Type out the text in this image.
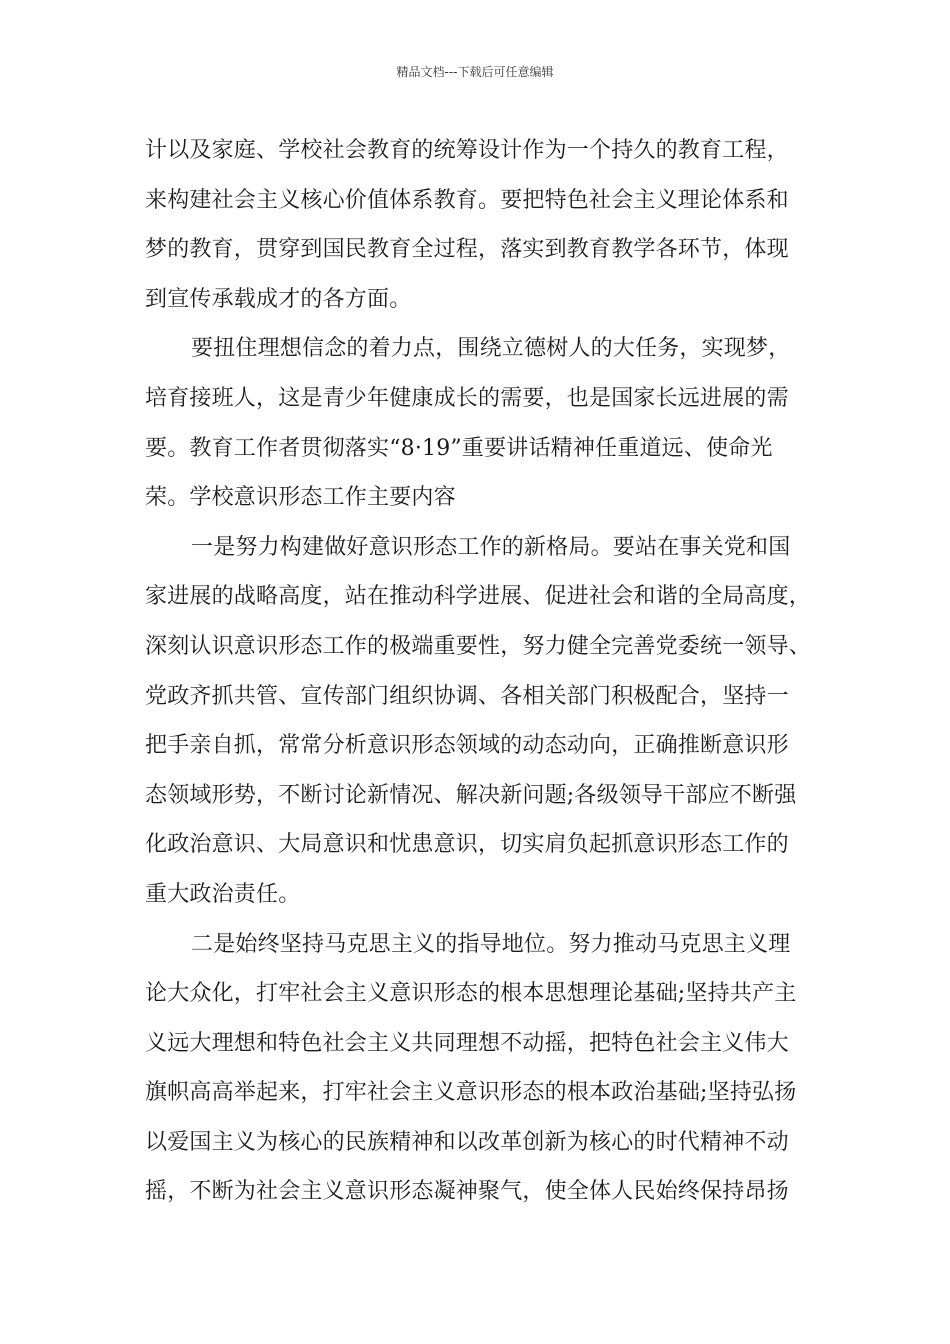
精品文档---下载后可任意编辑
计以及家庭、学校社会教育的统筹设计作为一个持久的教育工程，
来构建社会主义核心价值体系教育。要把特色社会主义理论体系和
梦的教育，贯穿到国民教育全过程，落实到教育教学各环节，体现
到宣传承载成才的各方面。
要扭住理想信念的着力点，围绕立德树人的大任务，实现梦，
培育接班人，这是青少年健康成长的需要，也是国家长远进展的需
要。教育工作者贯彻落实“8·19”重要讲话精神任重道远、使命光
荣。学校意识形态工作主要内容
一是努力构建做好意识形态工作的新格局。要站在事关党和国
家进展的战略高度，站在推动科学进展、促进社会和谐的全局高度，
深刻认识意识形态工作的极端重要性，努力健全完善党委统一领导、
党政齐抓共管、宣传部门组织协调、各相关部门积极配合，坚持一
把手亲自抓，常常分析意识形态领域的动态动向，正确推断意识形
态领域形势，不断讨论新情况、解决新问题;各级领导干部应不断强
化政治意识、大局意识和忧患意识，切实肩负起抓意识形态工作的
重大政治责任。
二是始终坚持马克思主义的指导地位。努力推动马克思主义理
论大众化，打牢社会主义意识形态的根本思想理论基础;坚持共产主
义远大理想和特色社会主义共同理想不动摇，把特色社会主义伟大
旗帜高高举起来，打牢社会主义意识形态的根本政治基础;坚持弘扬
以爱国主义为核心的民族精神和以改革创新为核心的时代精神不动
摇，不断为社会主义意识形态凝神聚气，使全体人民始终保持昂扬
